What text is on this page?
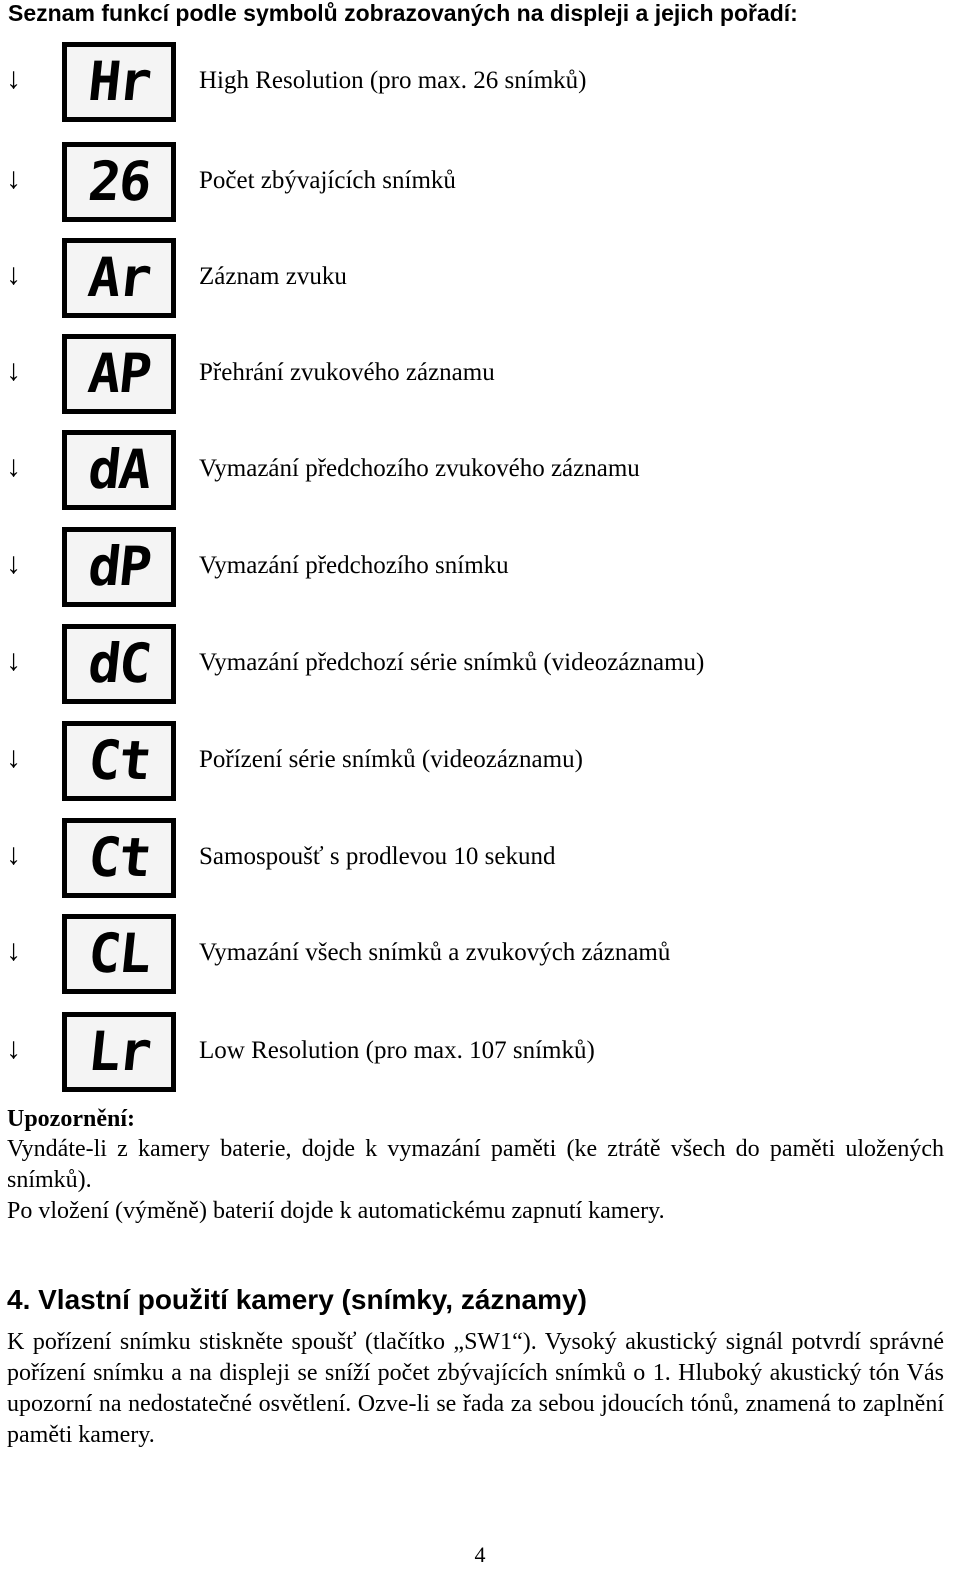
Seznam funkcí podle symbolů zobrazovaných na displeji a jejich pořadí:
↓	Hr	High Resolution (pro max. 26 snímků)
↓	26	Počet zbývajících snímků
↓	Ar	Záznam zvuku
↓	AP	Přehrání zvukového záznamu
↓	dA	Vymazání předchozího zvukového záznamu
↓	dP	Vymazání předchozího snímku
↓	dC	Vymazání předchozí série snímků (videozáznamu)
↓	Ct	Pořízení série snímků (videozáznamu)
↓	Ct	Samospoušť s prodlevou 10 sekund
↓	CL	Vymazání všech snímků a zvukových záznamů
↓	Lr	Low Resolution (pro max. 107 snímků)
Upozornění:
Vyndáte-li z kamery baterie, dojde k vymazání paměti (ke ztrátě všech do paměti uložených snímků).
Po vložení (výměně) baterií dojde k automatickému zapnutí kamery.
4. Vlastní použití kamery (snímky, záznamy)
K pořízení snímku stiskněte spoušť (tlačítko „SW1“). Vysoký akustický signál potvrdí správné pořízení snímku a na displeji se sníží počet zbývajících snímků o 1. Hluboký akustický tón Vás upozorní na nedostatečné osvětlení. Ozve-li se řada za sebou jdoucích tónů, znamená to zaplnění paměti kamery.
4
